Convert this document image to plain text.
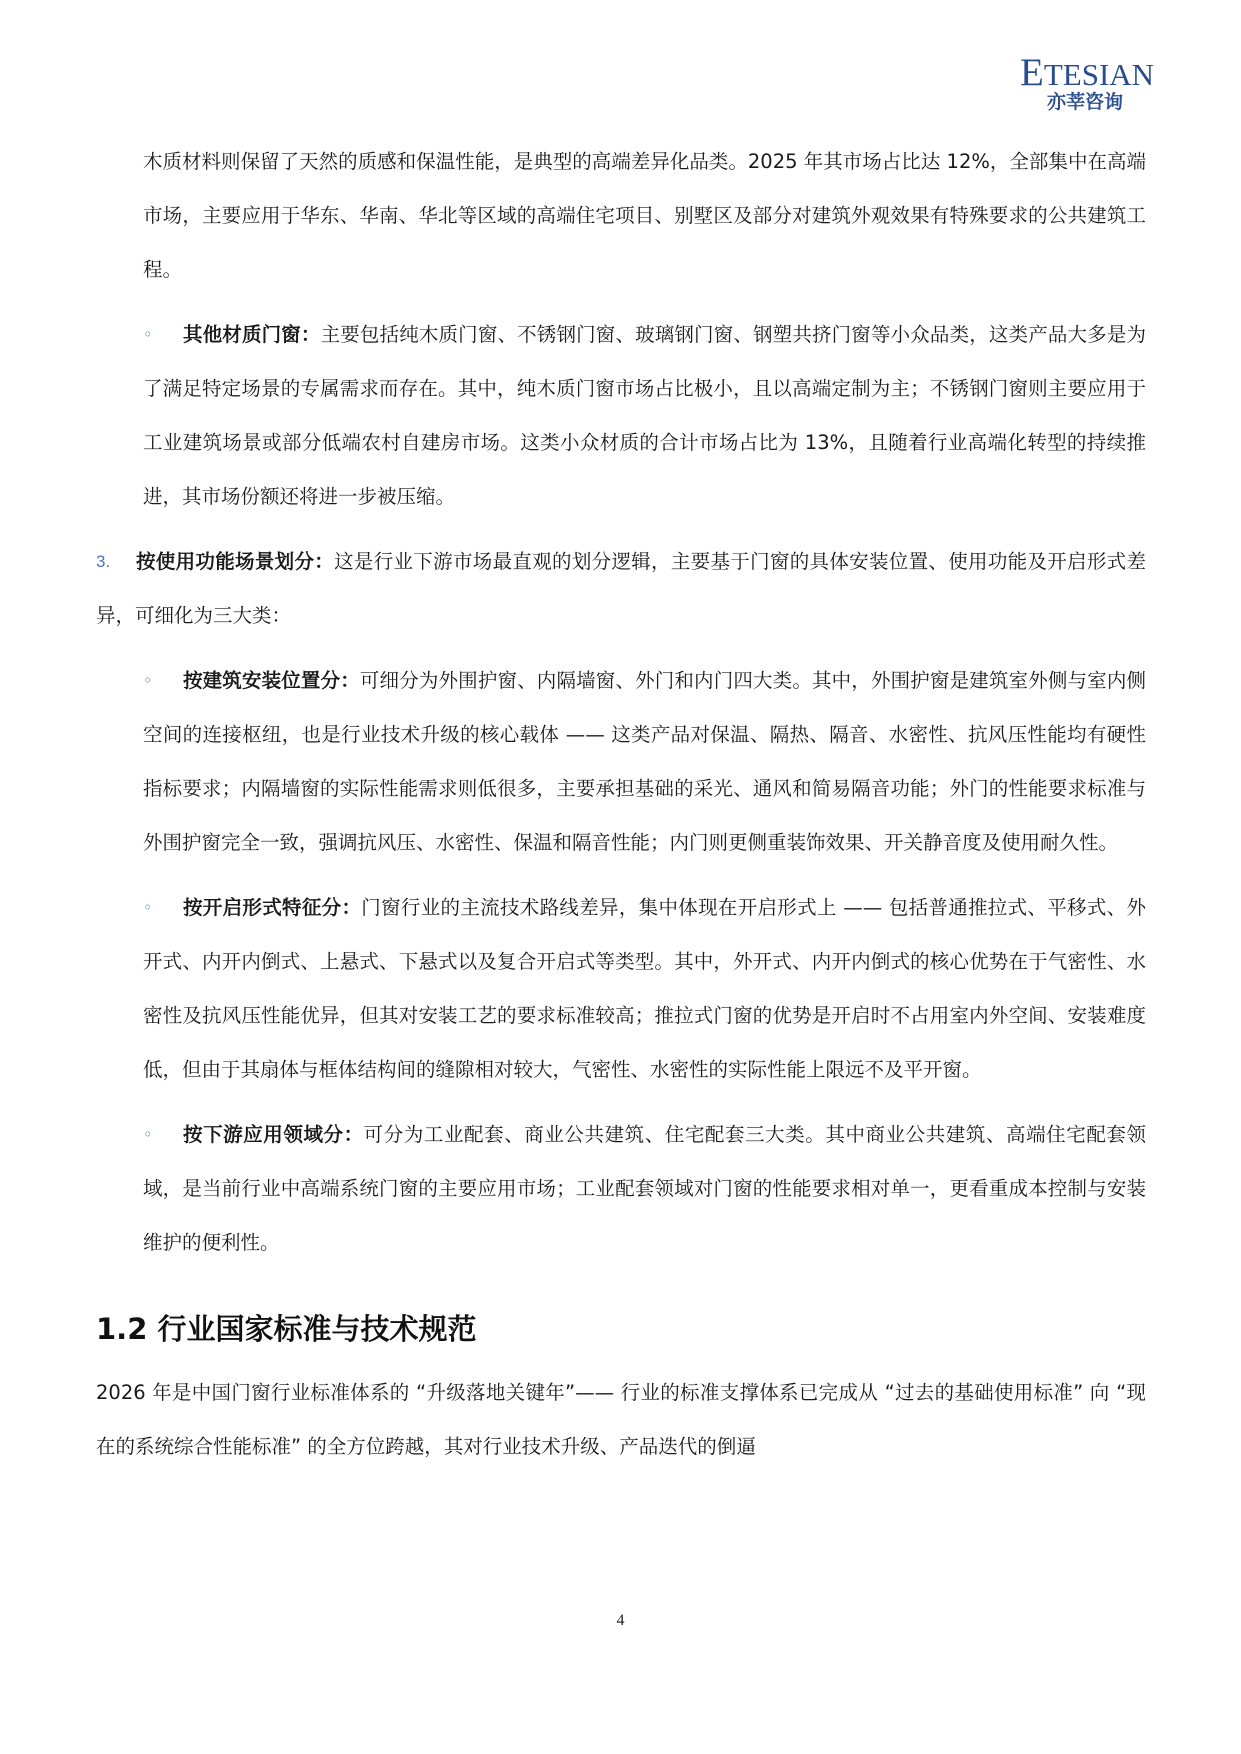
ETESIAN
亦莘咨询

木质材料则保留了天然的质感和保温性能，是典型的高端差异化品类。2025 年其市场占比达 12%，全部集中在高端市场，主要应用于华东、华南、华北等区域的高端住宅项目、别墅区及部分对建筑外观效果有特殊要求的公共建筑工程。

◦	其他材质门窗：主要包括纯木质门窗、不锈钢门窗、玻璃钢门窗、钢塑共挤门窗等小众品类，这类产品大多是为了满足特定场景的专属需求而存在。其中，纯木质门窗市场占比极小，且以高端定制为主；不锈钢门窗则主要应用于工业建筑场景或部分低端农村自建房市场。这类小众材质的合计市场占比为 13%，且随着行业高端化转型的持续推进，其市场份额还将进一步被压缩。

3.	按使用功能场景划分：这是行业下游市场最直观的划分逻辑，主要基于门窗的具体安装位置、使用功能及开启形式差异，可细化为三大类：

◦	按建筑安装位置分：可细分为外围护窗、内隔墙窗、外门和内门四大类。其中，外围护窗是建筑室外侧与室内侧空间的连接枢纽，也是行业技术升级的核心载体 —— 这类产品对保温、隔热、隔音、水密性、抗风压性能均有硬性指标要求；内隔墙窗的实际性能需求则低很多，主要承担基础的采光、通风和简易隔音功能；外门的性能要求标准与外围护窗完全一致，强调抗风压、水密性、保温和隔音性能；内门则更侧重装饰效果、开关静音度及使用耐久性。

◦	按开启形式特征分：门窗行业的主流技术路线差异，集中体现在开启形式上 —— 包括普通推拉式、平移式、外开式、内开内倒式、上悬式、下悬式以及复合开启式等类型。其中，外开式、内开内倒式的核心优势在于气密性、水密性及抗风压性能优异，但其对安装工艺的要求标准较高；推拉式门窗的优势是开启时不占用室内外空间、安装难度低，但由于其扇体与框体结构间的缝隙相对较大，气密性、水密性的实际性能上限远不及平开窗。

◦	按下游应用领域分：可分为工业配套、商业公共建筑、住宅配套三大类。其中商业公共建筑、高端住宅配套领域，是当前行业中高端系统门窗的主要应用市场；工业配套领域对门窗的性能要求相对单一，更看重成本控制与安装维护的便利性。

1.2 行业国家标准与技术规范

2026 年是中国门窗行业标准体系的 “升级落地关键年”—— 行业的标准支撑体系已完成从 “过去的基础使用标准” 向 “现在的系统综合性能标准” 的全方位跨越，其对行业技术升级、产品迭代的倒逼

4
